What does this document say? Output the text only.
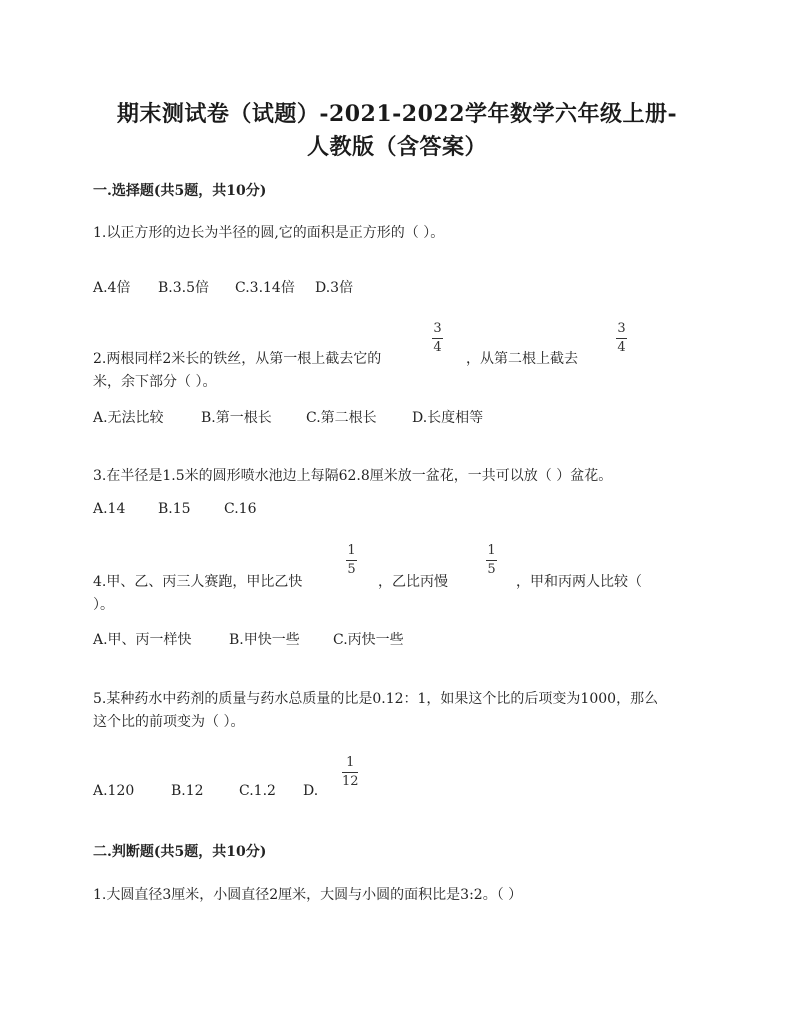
期末测试卷（试题）-2021-2022学年数学六年级上册-
人教版（含答案）
一.选择题(共5题，共10分)
1.以正方形的边长为半径的圆,它的面积是正方形的（ ）。
A.4倍 B.3.5倍 C.3.14倍 D.3倍
2.两根同样2米长的铁丝，从第一根上截去它的
3
4
，从第二根上截去
3
4
米，余下部分（ ）。
A.无法比较	B.第一根长 C.第二根长	D.长度相等
3.在半径是1.5米的圆形喷水池边上每隔62.8厘米放一盆花，一共可以放（ ）盆花。
A.14 B.15 C.16
4.甲、乙、丙三人赛跑，甲比乙快
1
5
，乙比丙慢
1
5
，甲和丙两人比较（
）。
A.甲、丙一样快	B.甲快一些 C.丙快一些
5.某种药水中药剂的质量与药水总质量的比是0.12：1，如果这个比的后项变为1000，那么
这个比的前项变为（ ）。
A.120	B.12	C.1.2 D.
1
12
二.判断题(共5题，共10分)
1.大圆直径3厘米，小圆直径2厘米，大圆与小圆的面积比是3:2。（ ）
